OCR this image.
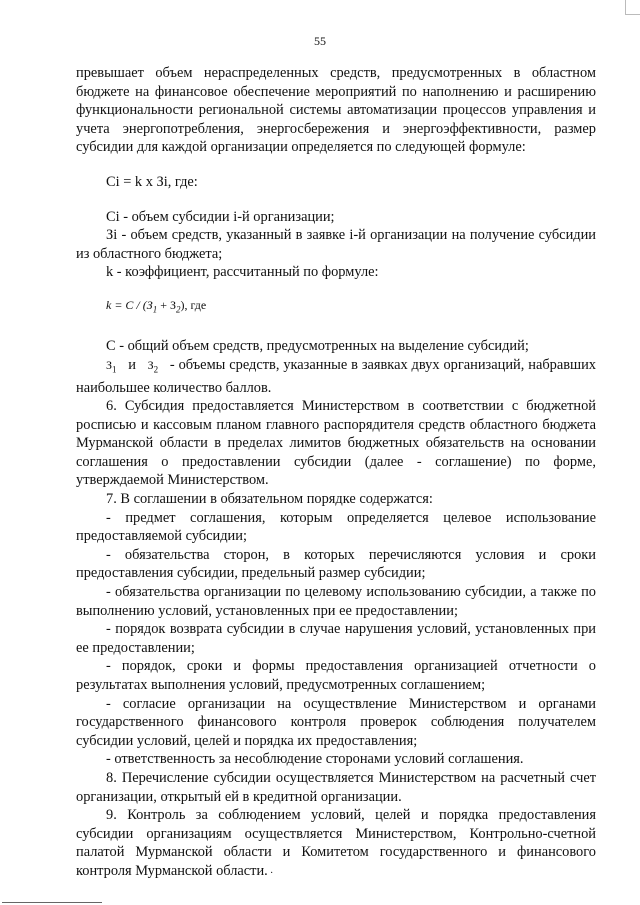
55

превышает объем нераспределенных средств, предусмотренных в областном бюджете на финансовое обеспечение мероприятий по наполнению и расширению функциональности региональной системы автоматизации процессов управления и учета энергопотребления, энергосбережения и энергоэффективности, размер субсидии для каждой организации определяется по следующей формуле:

Ci = k x Зi, где:

Ci - объем субсидии i-й организации;

Зi - объем средств, указанный в заявке i-й организации на получение субсидии из областного бюджета;

k - коэффициент, рассчитанный по формуле:

$k = C / (З_1 + З_2)$, где

C - общий объем средств, предусмотренных на выделение субсидий;

$З_1$ и $З_2$ - объемы средств, указанные в заявках двух организаций, набравших наибольшее количество баллов.

6. Субсидия предоставляется Министерством в соответствии с бюджетной росписью и кассовым планом главного распорядителя средств областного бюджета Мурманской области в пределах лимитов бюджетных обязательств на основании соглашения о предоставлении субсидии (далее - соглашение) по форме, утверждаемой Министерством.

7. В соглашении в обязательном порядке содержатся:

- предмет соглашения, которым определяется целевое использование предоставляемой субсидии;

- обязательства сторон, в которых перечисляются условия и сроки предоставления субсидии, предельный размер субсидии;

- обязательства организации по целевому использованию субсидии, а также по выполнению условий, установленных при ее предоставлении;

- порядок возврата субсидии в случае нарушения условий, установленных при ее предоставлении;

- порядок, сроки и формы предоставления организацией отчетности о результатах выполнения условий, предусмотренных соглашением;

- согласие организации на осуществление Министерством и органами государственного финансового контроля проверок соблюдения получателем субсидии условий, целей и порядка их предоставления;

- ответственность за несоблюдение сторонами условий соглашения.

8. Перечисление субсидии осуществляется Министерством на расчетный счет организации, открытый ей в кредитной организации.

9. Контроль за соблюдением условий, целей и порядка предоставления субсидии организациям осуществляется Министерством, Контрольно-счетной палатой Мурманской области и Комитетом государственного и финансового контроля Мурманской области. ·
